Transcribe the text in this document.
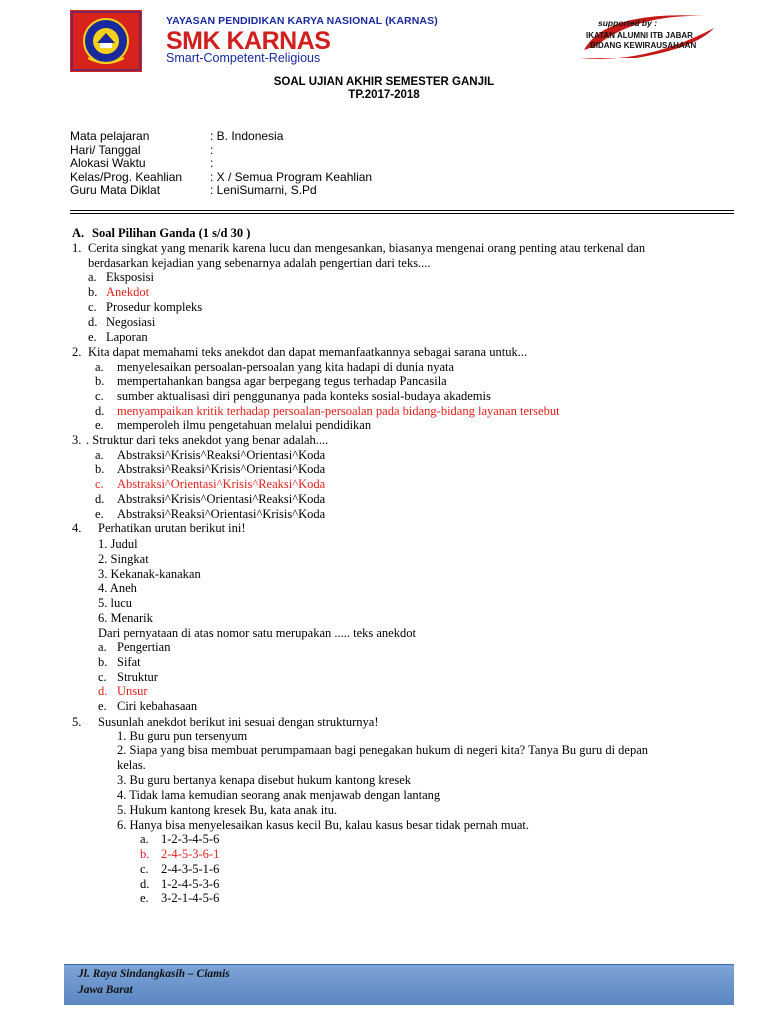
YAYASAN PENDIDIKAN KARYA NASIONAL (KARNAS)
SMK KARNAS
Smart-Competent-Religious
supported by :
IKATAN ALUMNI ITB JABAR
BIDANG KEWIRAUSAHAAN
SOAL UJIAN AKHIR SEMESTER GANJIL
TP.2017-2018
Mata pelajaran	: B. Indonesia
Hari/ Tanggal	:
Alokasi Waktu	:
Kelas/Prog. Keahlian : X / Semua Program Keahlian
Guru Mata Diklat	: LeniSumarni, S.Pd
A. Soal Pilihan Ganda (1 s/d 30 )
1. Cerita singkat yang menarik karena lucu dan mengesankan, biasanya mengenai orang penting atau terkenal dan
berdasarkan kejadian yang sebenarnya adalah pengertian dari teks....
a. Eksposisi
b. Anekdot
c. Prosedur kompleks
d. Negosiasi
e. Laporan
2. Kita dapat memahami teks anekdot dan dapat memanfaatkannya sebagai sarana untuk...
a. menyelesaikan persoalan-persoalan yang kita hadapi di dunia nyata
b. mempertahankan bangsa agar berpegang tegus terhadap Pancasila
c. sumber aktualisasi diri penggunanya pada konteks sosial-budaya akademis
d. menyampaikan kritik terhadap persoalan-persoalan pada bidang-bidang layanan tersebut
e. memperoleh ilmu pengetahuan melalui pendidikan
3. . Struktur dari teks anekdot yang benar adalah....
a. Abstraksi^Krisis^Reaksi^Orientasi^Koda
b. Abstraksi^Reaksi^Krisis^Orientasi^Koda
c. Abstraksi^Orientasi^Krisis^Reaksi^Koda
d. Abstraksi^Krisis^Orientasi^Reaksi^Koda
e. Abstraksi^Reaksi^Orientasi^Krisis^Koda
4. Perhatikan urutan berikut ini!
1. Judul
2. Singkat
3. Kekanak-kanakan
4. Aneh
5. lucu
6. Menarik
Dari pernyataan di atas nomor satu merupakan ..... teks anekdot
a. Pengertian
b. Sifat
c. Struktur
d. Unsur
e. Ciri kebahasaan
5. Susunlah anekdot berikut ini sesuai dengan strukturnya!
1. Bu guru pun tersenyum
2. Siapa yang bisa membuat perumpamaan bagi penegakan hukum di negeri kita? Tanya Bu guru di depan
kelas.
3. Bu guru bertanya kenapa disebut hukum kantong kresek
4. Tidak lama kemudian seorang anak menjawab dengan lantang
5. Hukum kantong kresek Bu, kata anak itu.
6. Hanya bisa menyelesaikan kasus kecil Bu, kalau kasus besar tidak pernah muat.
a. 1-2-3-4-5-6
b. 2-4-5-3-6-1
c. 2-4-3-5-1-6
d. 1-2-4-5-3-6
e. 3-2-1-4-5-6
Jl. Raya Sindangkasih – Ciamis
Jawa Barat
